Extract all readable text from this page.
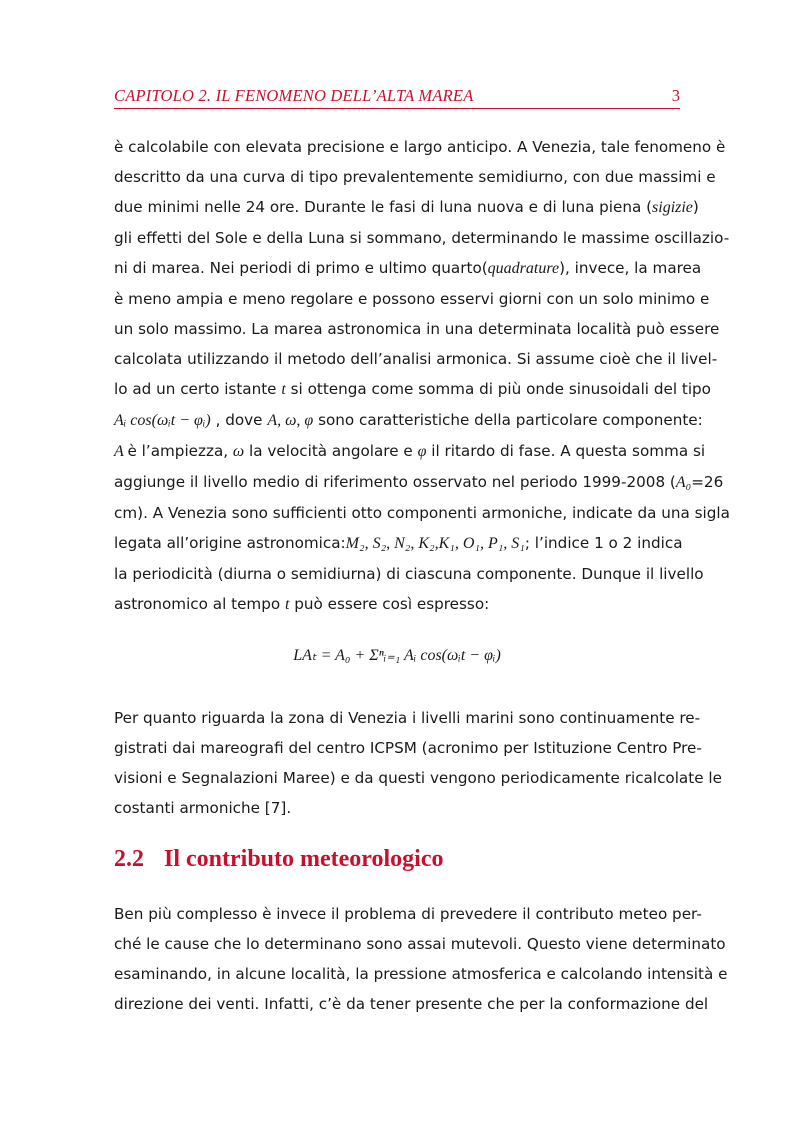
CAPITOLO 2. IL FENOMENO DELL’ALTA MAREA	3
è calcolabile con elevata precisione e largo anticipo. A Venezia, tale fenomeno è
descritto da una curva di tipo prevalentemente semidiurno, con due massimi e
due minimi nelle 24 ore. Durante le fasi di luna nuova e di luna piena (sigizie)
gli effetti del Sole e della Luna si sommano, determinando le massime oscillazio-
ni di marea. Nei periodi di primo e ultimo quarto(quadrature), invece, la marea
è meno ampia e meno regolare e possono esservi giorni con un solo minimo e
un solo massimo. La marea astronomica in una determinata località può essere
calcolata utilizzando il metodo dell’analisi armonica. Si assume cioè che il livel-
lo ad un certo istante t si ottenga come somma di più onde sinusoidali del tipo
Aᵢ cos(ωᵢt − φᵢ) , dove A, ω, φ sono caratteristiche della particolare componente:
A è l’ampiezza, ω la velocità angolare e φ il ritardo di fase. A questa somma si
aggiunge il livello medio di riferimento osservato nel periodo 1999-2008 (A₀=26
cm). A Venezia sono sufficienti otto componenti armoniche, indicate da una sigla
legata all’origine astronomica:M₂, S₂, N₂, K₂,K₁, O₁, P₁, S₁; l’indice 1 o 2 indica
la periodicità (diurna o semidiurna) di ciascuna componente. Dunque il livello
astronomico al tempo t può essere così espresso:
LAₜ = A₀ + Σⁿᵢ₌₁ Aᵢ cos(ωᵢt − φᵢ)
Per quanto riguarda la zona di Venezia i livelli marini sono continuamente re-
gistrati dai mareografi del centro ICPSM (acronimo per Istituzione Centro Pre-
visioni e Segnalazioni Maree) e da questi vengono periodicamente ricalcolate le
costanti armoniche [7].
2.2 Il contributo meteorologico
Ben più complesso è invece il problema di prevedere il contributo meteo per-
ché le cause che lo determinano sono assai mutevoli. Questo viene determinato
esaminando, in alcune località, la pressione atmosferica e calcolando intensità e
direzione dei venti. Infatti, c’è da tener presente che per la conformazione del
